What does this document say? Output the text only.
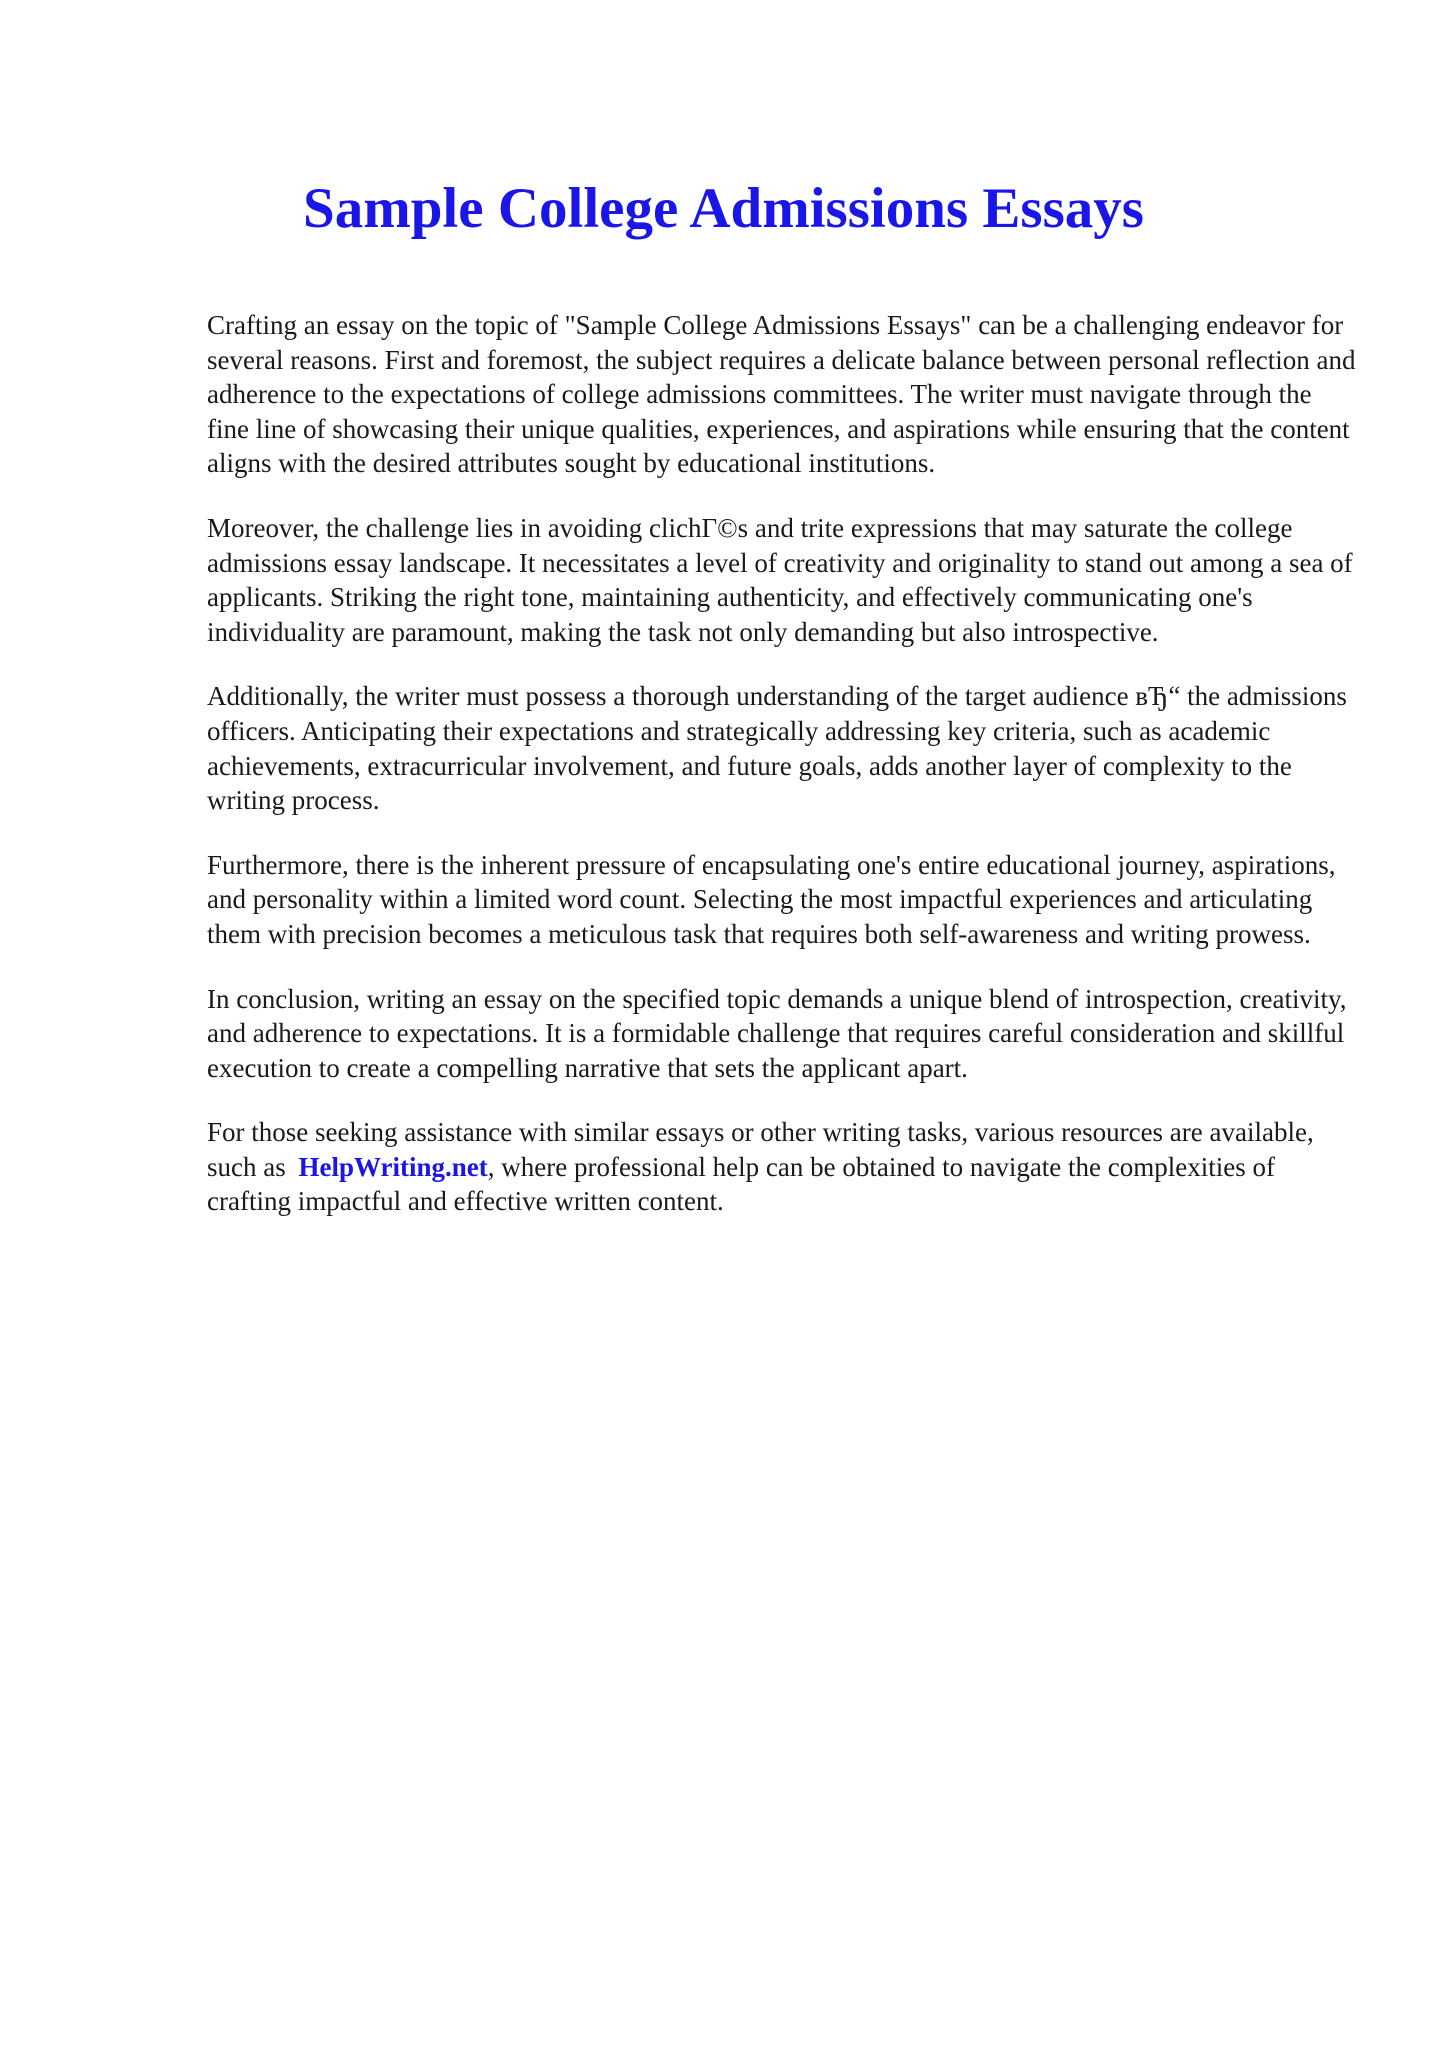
Sample College Admissions Essays

Crafting an essay on the topic of "Sample College Admissions Essays" can be a challenging endeavor for several reasons. First and foremost, the subject requires a delicate balance between personal reflection and adherence to the expectations of college admissions committees. The writer must navigate through the fine line of showcasing their unique qualities, experiences, and aspirations while ensuring that the content aligns with the desired attributes sought by educational institutions.

Moreover, the challenge lies in avoiding clichГ©s and trite expressions that may saturate the college admissions essay landscape. It necessitates a level of creativity and originality to stand out among a sea of applicants. Striking the right tone, maintaining authenticity, and effectively communicating one's individuality are paramount, making the task not only demanding but also introspective.

Additionally, the writer must possess a thorough understanding of the target audience вЂ“ the admissions officers. Anticipating their expectations and strategically addressing key criteria, such as academic achievements, extracurricular involvement, and future goals, adds another layer of complexity to the writing process.

Furthermore, there is the inherent pressure of encapsulating one's entire educational journey, aspirations, and personality within a limited word count. Selecting the most impactful experiences and articulating them with precision becomes a meticulous task that requires both self-awareness and writing prowess.

In conclusion, writing an essay on the specified topic demands a unique blend of introspection, creativity, and adherence to expectations. It is a formidable challenge that requires careful consideration and skillful execution to create a compelling narrative that sets the applicant apart.

For those seeking assistance with similar essays or other writing tasks, various resources are available, such as HelpWriting.net, where professional help can be obtained to navigate the complexities of crafting impactful and effective written content.
